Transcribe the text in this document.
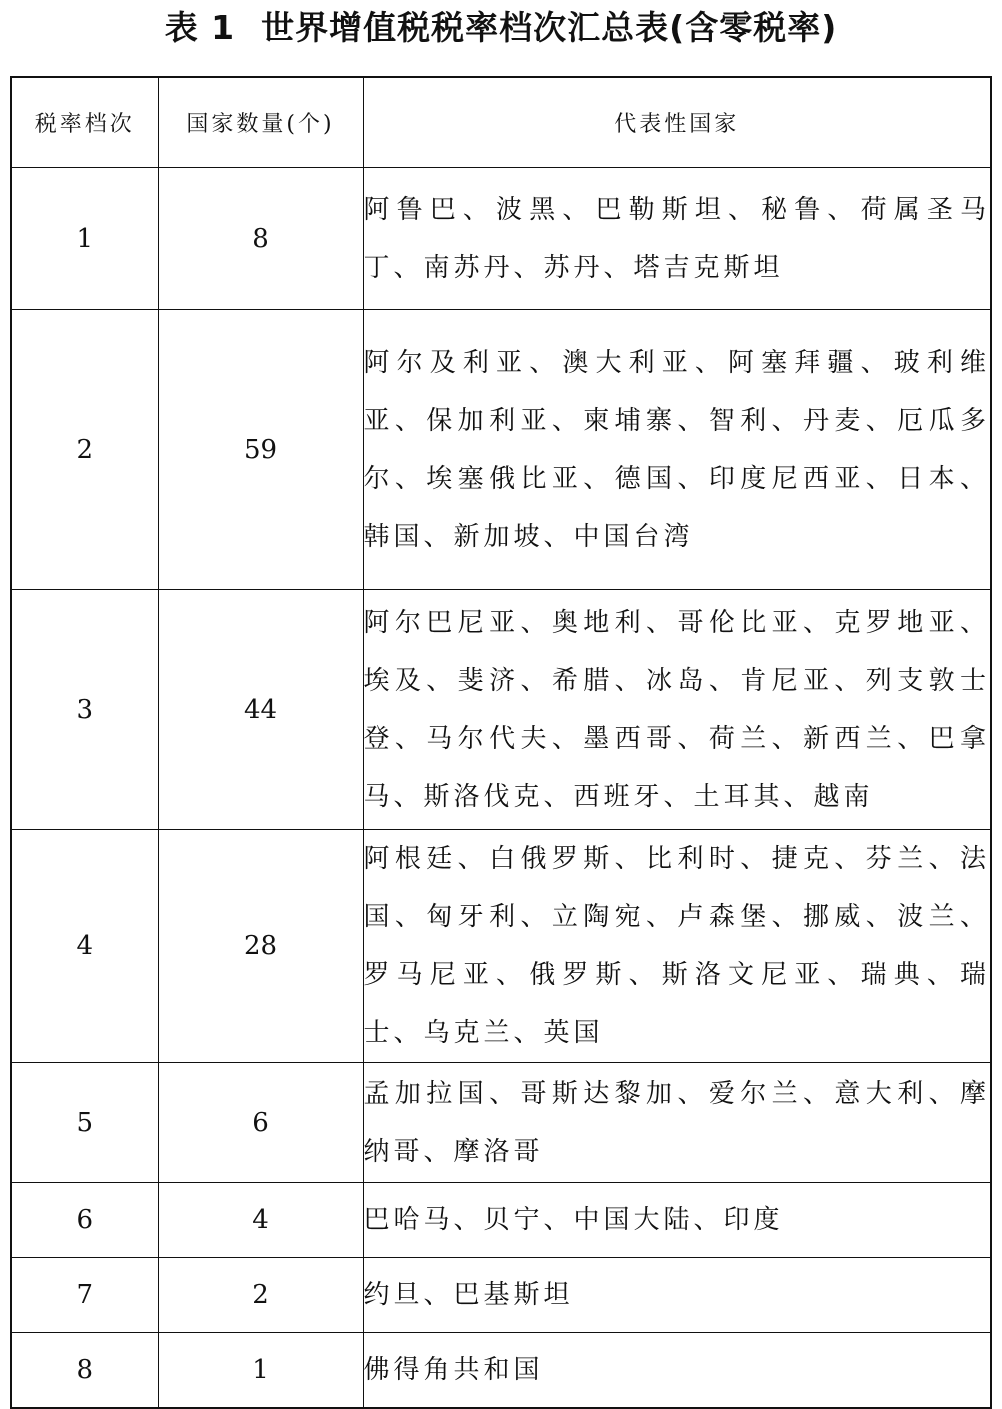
表 1 世界增值税税率档次汇总表(含零税率)
税率档次	国家数量(个)	代表性国家
1	8	阿鲁巴、波黑、巴勒斯坦、秘鲁、荷属圣马丁、南苏丹、苏丹、塔吉克斯坦
2	59	阿尔及利亚、澳大利亚、阿塞拜疆、玻利维亚、保加利亚、柬埔寨、智利、丹麦、厄瓜多尔、埃塞俄比亚、德国、印度尼西亚、日本、韩国、新加坡、中国台湾
3	44	阿尔巴尼亚、奥地利、哥伦比亚、克罗地亚、埃及、斐济、希腊、冰岛、肯尼亚、列支敦士登、马尔代夫、墨西哥、荷兰、新西兰、巴拿马、斯洛伐克、西班牙、土耳其、越南
4	28	阿根廷、白俄罗斯、比利时、捷克、芬兰、法国、匈牙利、立陶宛、卢森堡、挪威、波兰、罗马尼亚、俄罗斯、斯洛文尼亚、瑞典、瑞士、乌克兰、英国
5	6	孟加拉国、哥斯达黎加、爱尔兰、意大利、摩纳哥、摩洛哥
6	4	巴哈马、贝宁、中国大陆、印度
7	2	约旦、巴基斯坦
8	1	佛得角共和国
